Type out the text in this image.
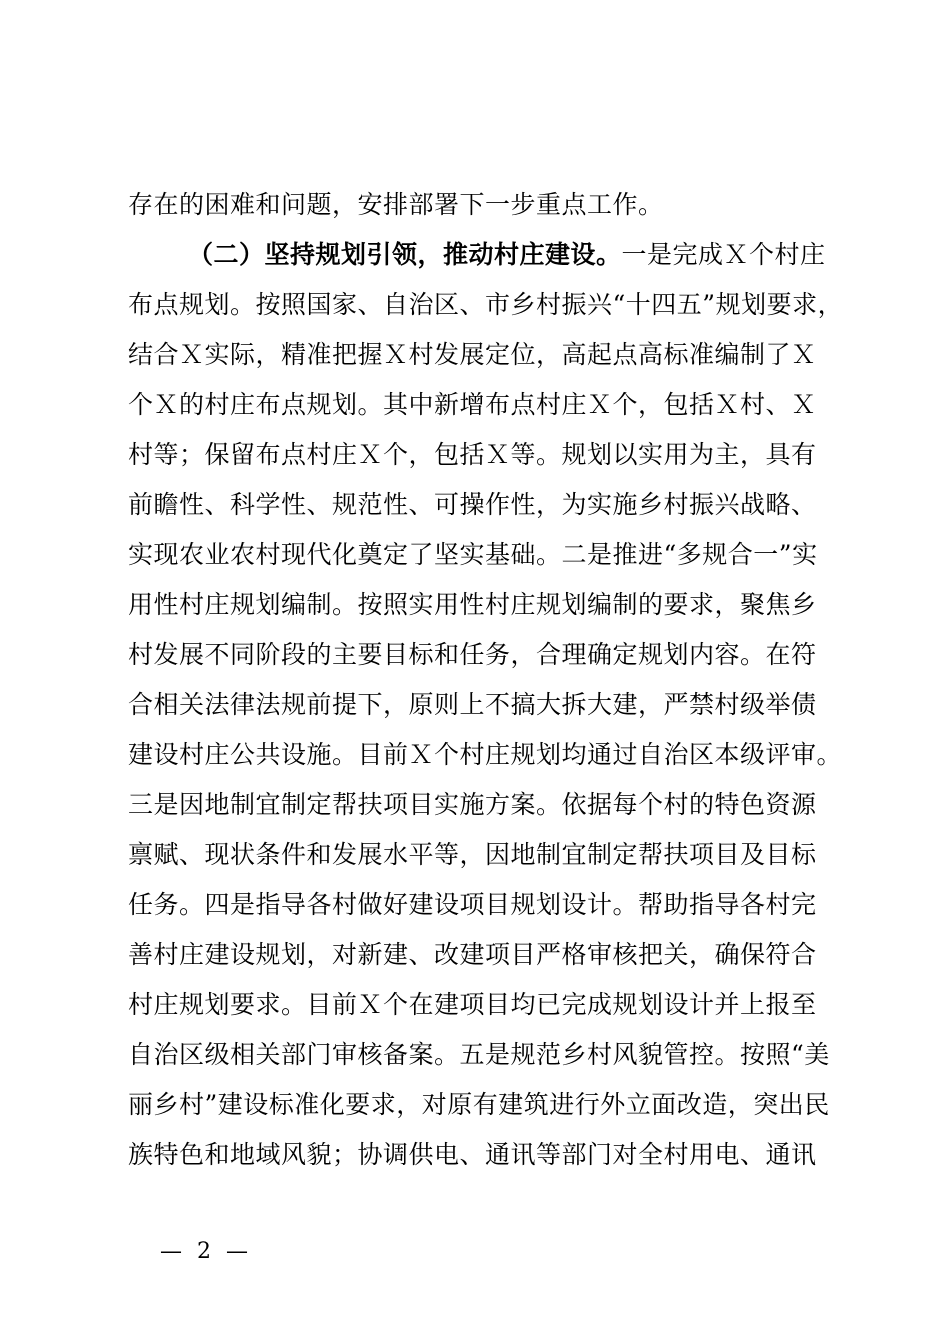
存在的困难和问题，安排部署下一步重点工作。
（二）坚持规划引领，推动村庄建设。一是完成Ｘ个村庄
布点规划。按照国家、自治区、市乡村振兴“十四五”规划要求，
结合Ｘ实际，精准把握Ｘ村发展定位，高起点高标准编制了Ｘ
个Ｘ的村庄布点规划。其中新增布点村庄Ｘ个，包括Ｘ村、Ｘ
村等；保留布点村庄Ｘ个，包括Ｘ等。规划以实用为主，具有
前瞻性、科学性、规范性、可操作性，为实施乡村振兴战略、
实现农业农村现代化奠定了坚实基础。二是推进“多规合一”实
用性村庄规划编制。按照实用性村庄规划编制的要求，聚焦乡
村发展不同阶段的主要目标和任务，合理确定规划内容。在符
合相关法律法规前提下，原则上不搞大拆大建，严禁村级举债
建设村庄公共设施。目前Ｘ个村庄规划均通过自治区本级评审。
三是因地制宜制定帮扶项目实施方案。依据每个村的特色资源
禀赋、现状条件和发展水平等，因地制宜制定帮扶项目及目标
任务。四是指导各村做好建设项目规划设计。帮助指导各村完
善村庄建设规划，对新建、改建项目严格审核把关，确保符合
村庄规划要求。目前Ｘ个在建项目均已完成规划设计并上报至
自治区级相关部门审核备案。五是规范乡村风貌管控。按照“美
丽乡村”建设标准化要求，对原有建筑进行外立面改造，突出民
族特色和地域风貌；协调供电、通讯等部门对全村用电、通讯
— 2 —
